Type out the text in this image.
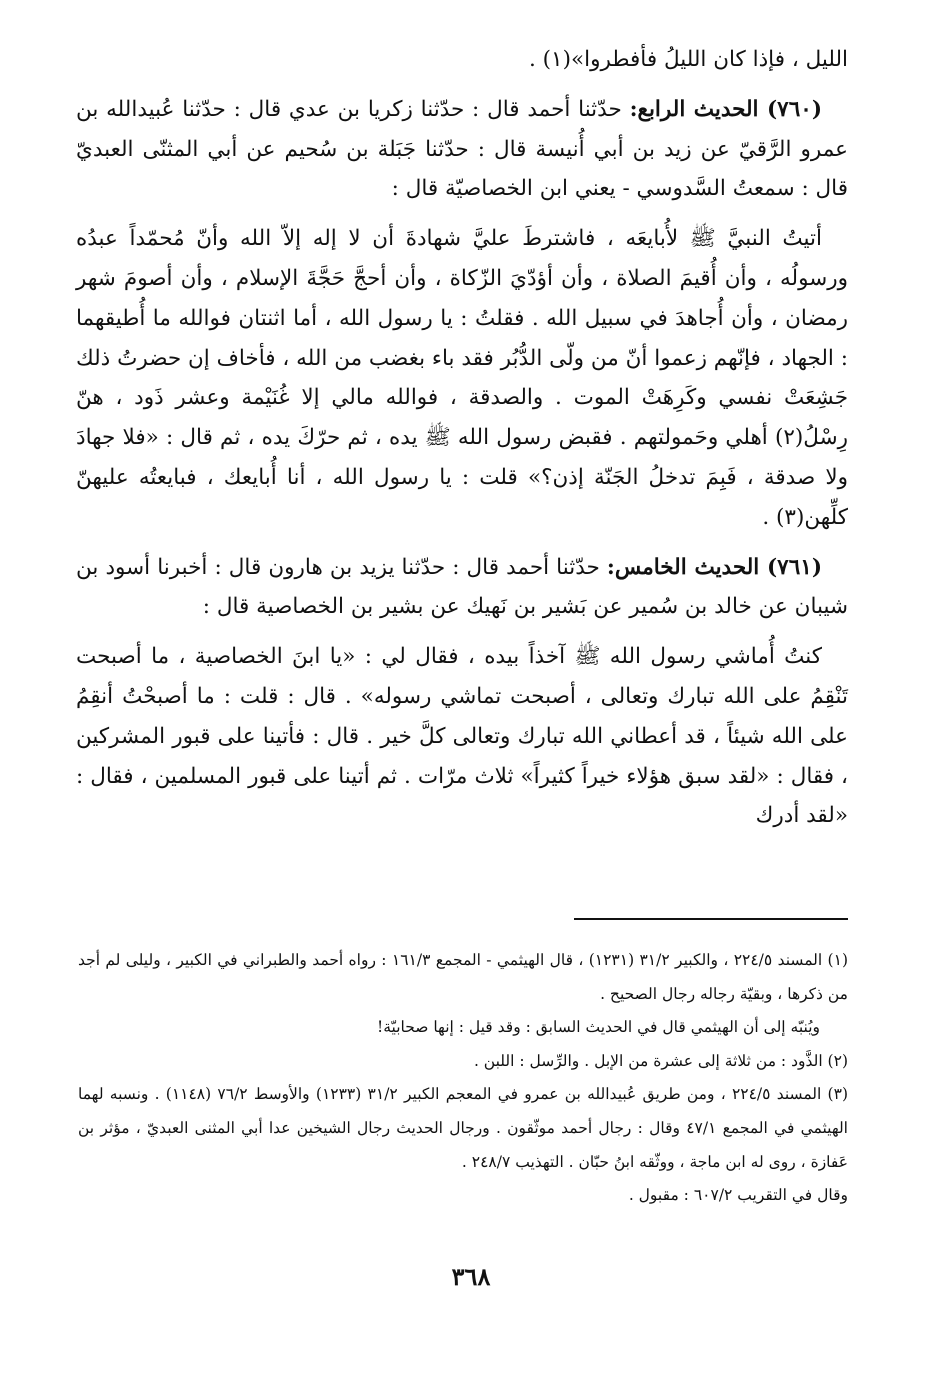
الليل ، فإذا كان الليلُ فأفطروا»(١) .

(٧٦٠) الحديث الرابع: حدّثنا أحمد قال : حدّثنا زكريا بن عدي قال : حدّثنا عُبيدالله بن عمرو الرَّقيّ عن زيد بن أبي أُنيسة قال : حدّثنا جَبَلة بن سُحيم عن أبي المثنّى العبديّ قال : سمعتُ السَّدوسي - يعني ابن الخصاصيّة قال :

أتيتُ النبيَّ ﷺ لأُبايعَه ، فاشترطَ عليَّ شهادةَ أن لا إله إلاّ الله وأنّ مُحمّداً عبدُه ورسولُه ، وأن أُقيمَ الصلاة ، وأن أؤدّيَ الزّكاة ، وأن أحجَّ حَجَّةَ الإسلام ، وأن أصومَ شهر رمضان ، وأن أُجاهدَ في سبيل الله . فقلتُ : يا رسول الله ، أما اثنتان فوالله ما أُطيقهما : الجهاد ، فإنّهم زعموا أنّ من ولّى الدُّبُر فقد باء بغضب من الله ، فأخاف إن حضرتُ ذلك جَشِعَتْ نفسي وكَرِهَتْ الموت . والصدقة ، فوالله مالي إلا غُنَيْمة وعشر ذَود ، هنّ رِسْلُ(٢) أهلي وحَمولتهم . فقبض رسول الله ﷺ يده ، ثم حرّكَ يده ، ثم قال : «فلا جهادَ ولا صدقة ، فَبِمَ تدخلُ الجَنّة إذن؟» قلت : يا رسول الله ، أنا أُبايعك ، فبايعتُه عليهنّ كلِّهن(٣) .

(٧٦١) الحديث الخامس: حدّثنا أحمد قال : حدّثنا يزيد بن هارون قال : أخبرنا أسود بن شيبان عن خالد بن سُمير عن بَشير بن نَهيك عن بشير بن الخصاصية قال :

كنتُ أُماشي رسول الله ﷺ آخذاً بيده ، فقال لي : «يا ابنَ الخصاصية ، ما أصبحت تَنْقِمُ على الله تبارك وتعالى ، أصبحت تماشي رسوله» . قال : قلت : ما أصبحْتُ أنقِمُ على الله شيئاً ، قد أعطاني الله تبارك وتعالى كلَّ خير . قال : فأتينا على قبور المشركين ، فقال : «لقد سبق هؤلاء خيراً كثيراً» ثلاث مرّات . ثم أتينا على قبور المسلمين ، فقال : «لقد أدرك

(١) المسند ٢٢٤/٥ ، والكبير ٣١/٢ (١٢٣١) ، قال الهيثمي - المجمع ١٦١/٣ : رواه أحمد والطبراني في الكبير ، وليلى لم أجد من ذكرها ، وبقيّة رجاله رجال الصحيح .

ويُنبّه إلى أن الهيثمي قال في الحديث السابق : وقد قيل : إنها صحابيّة!

(٢) الذَّود : من ثلاثة إلى عشرة من الإبل . والرِّسل : اللبن .

(٣) المسند ٢٢٤/٥ ، ومن طريق عُبيدالله بن عمرو في المعجم الكبير ٣١/٢ (١٢٣٣) والأوسط ٧٦/٢ (١١٤٨) . ونسبه لهما الهيثمي في المجمع ٤٧/١ وقال : رجال أحمد موثّقون . ورجال الحديث رجال الشيخين عدا أبي المثنى العبديّ ، مؤثر بن عَفازة ، روى له ابن ماجة ، ووثّقه ابنُ حبّان . التهذيب ٢٤٨/٧ .

وقال في التقريب ٦٠٧/٢ : مقبول .

٣٦٨
